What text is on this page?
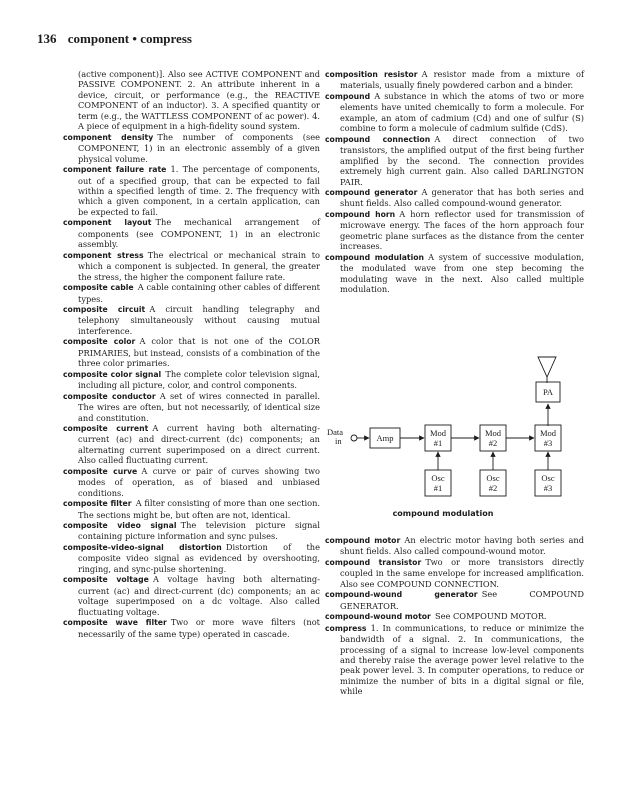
136 component • compress

(active component)]. Also see ACTIVE COMPONENT and PASSIVE COMPONENT. 2. An attribute inherent in a device, circuit, or performance (e.g., the REACTIVE COMPONENT of an inductor). 3. A specified quantity or term (e.g., the WATTLESS COMPONENT of ac power). 4. A piece of equipment in a high-fidelity sound system.

component density  The number of components (see COMPONENT, 1) in an electronic assembly of a given physical volume.

component failure rate  1. The percentage of components, out of a specified group, that can be expected to fail within a specified length of time. 2. The frequency with which a given component, in a certain application, can be expected to fail.

component layout  The mechanical arrangement of components (see COMPONENT, 1) in an electronic assembly.

component stress  The electrical or mechanical strain to which a component is subjected. In general, the greater the stress, the higher the component failure rate.

composite cable  A cable containing other cables of different types.

composite circuit  A circuit handling telegraphy and telephony simultaneously without causing mutual interference.

composite color  A color that is not one of the COLOR PRIMARIES, but instead, consists of a combination of the three color primaries.

composite color signal  The complete color television signal, including all picture, color, and control components.

composite conductor  A set of wires connected in parallel. The wires are often, but not necessarily, of identical size and constitution.

composite current  A current having both alternating-current (ac) and direct-current (dc) components; an alternating current superimposed on a direct current. Also called fluctuating current.

composite curve  A curve or pair of curves showing two modes of operation, as of biased and unbiased conditions.

composite filter  A filter consisting of more than one section. The sections might be, but often are not, identical.

composite video signal  The television picture signal containing picture information and sync pulses.

composite-video-signal distortion  Distortion of the composite video signal as evidenced by overshooting, ringing, and sync-pulse shortening.

composite voltage  A voltage having both alternating-current (ac) and direct-current (dc) components; an ac voltage superimposed on a dc voltage. Also called fluctuating voltage.

composite wave filter  Two or more wave filters (not necessarily of the same type) operated in cascade.

composition resistor  A resistor made from a mixture of materials, usually finely powdered carbon and a binder.

compound  A substance in which the atoms of two or more elements have united chemically to form a molecule. For example, an atom of cadmium (Cd) and one of sulfur (S) combine to form a molecule of cadmium sulfide (CdS).

compound connection  A direct connection of two transistors, the amplified output of the first being further amplified by the second. The connection provides extremely high current gain. Also called DARLINGTON PAIR.

compound generator  A generator that has both series and shunt fields. Also called compound-wound generator.

compound horn  A horn reflector used for transmission of microwave energy. The faces of the horn approach four geometric plane surfaces as the distance from the center increases.

compound modulation  A system of successive modulation, the modulated wave from one step becoming the modulating wave in the next. Also called multiple modulation.

PA
Data
in	Amp	Mod
#1
Osc
#1
Mod
#2
Osc
#2
Mod
#3
Osc
#3
compound modulation

compound motor  An electric motor having both series and shunt fields. Also called compound-wound motor.

compound transistor  Two or more transistors directly coupled in the same envelope for increased amplification. Also see COMPOUND CONNECTION.

compound-wound generator  See COMPOUND GENERATOR.

compound-wound motor  See COMPOUND MOTOR.

compress  1. In communications, to reduce or minimize the bandwidth of a signal. 2. In communications, the processing of a signal to increase low-level components and thereby raise the average power level relative to the peak power level. 3. In computer operations, to reduce or minimize the number of bits in a digital signal or file, while
